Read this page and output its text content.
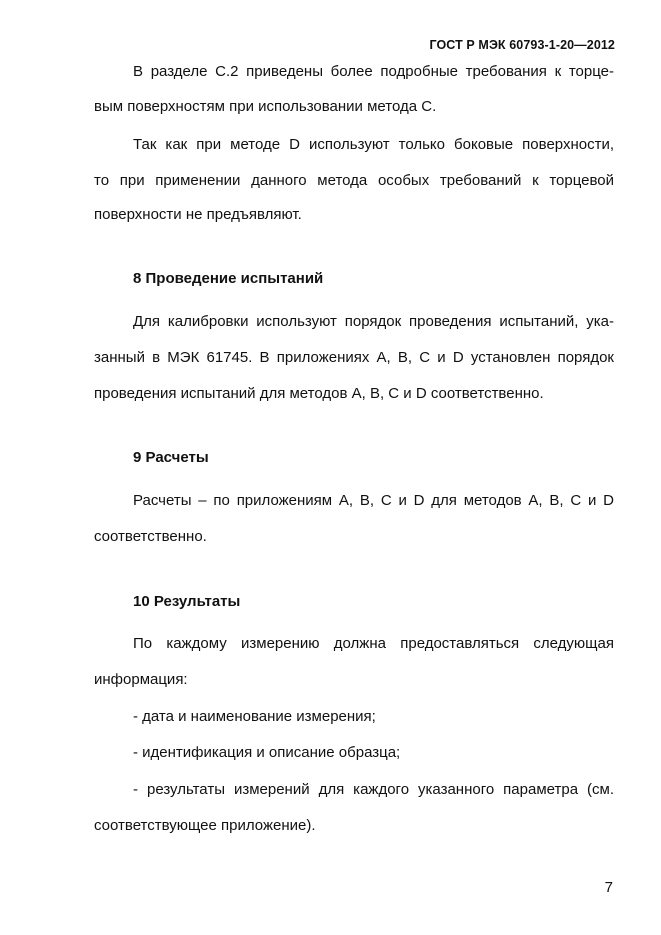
ГОСТ Р МЭК 60793-1-20—2012
В разделе С.2 приведены более подробные требования к торце-
вым поверхностям при использовании метода С.
Так как при методе D используют только боковые поверхности,
то при применении данного метода особых требований к торцевой
поверхности не предъявляют.
8 Проведение испытаний
Для калибровки используют порядок проведения испытаний, ука-
занный в МЭК 61745. В приложениях А, В, С и D установлен порядок
проведения испытаний для методов А, В, С и D соответственно.
9 Расчеты
Расчеты – по приложениям А, В, С и D для методов А, В, С и D
соответственно.
10 Результаты
По каждому измерению должна предоставляться следующая
информация:
- дата и наименование измерения;
- идентификация и описание образца;
- результаты измерений для каждого указанного параметра (см.
соответствующее приложение).
7
